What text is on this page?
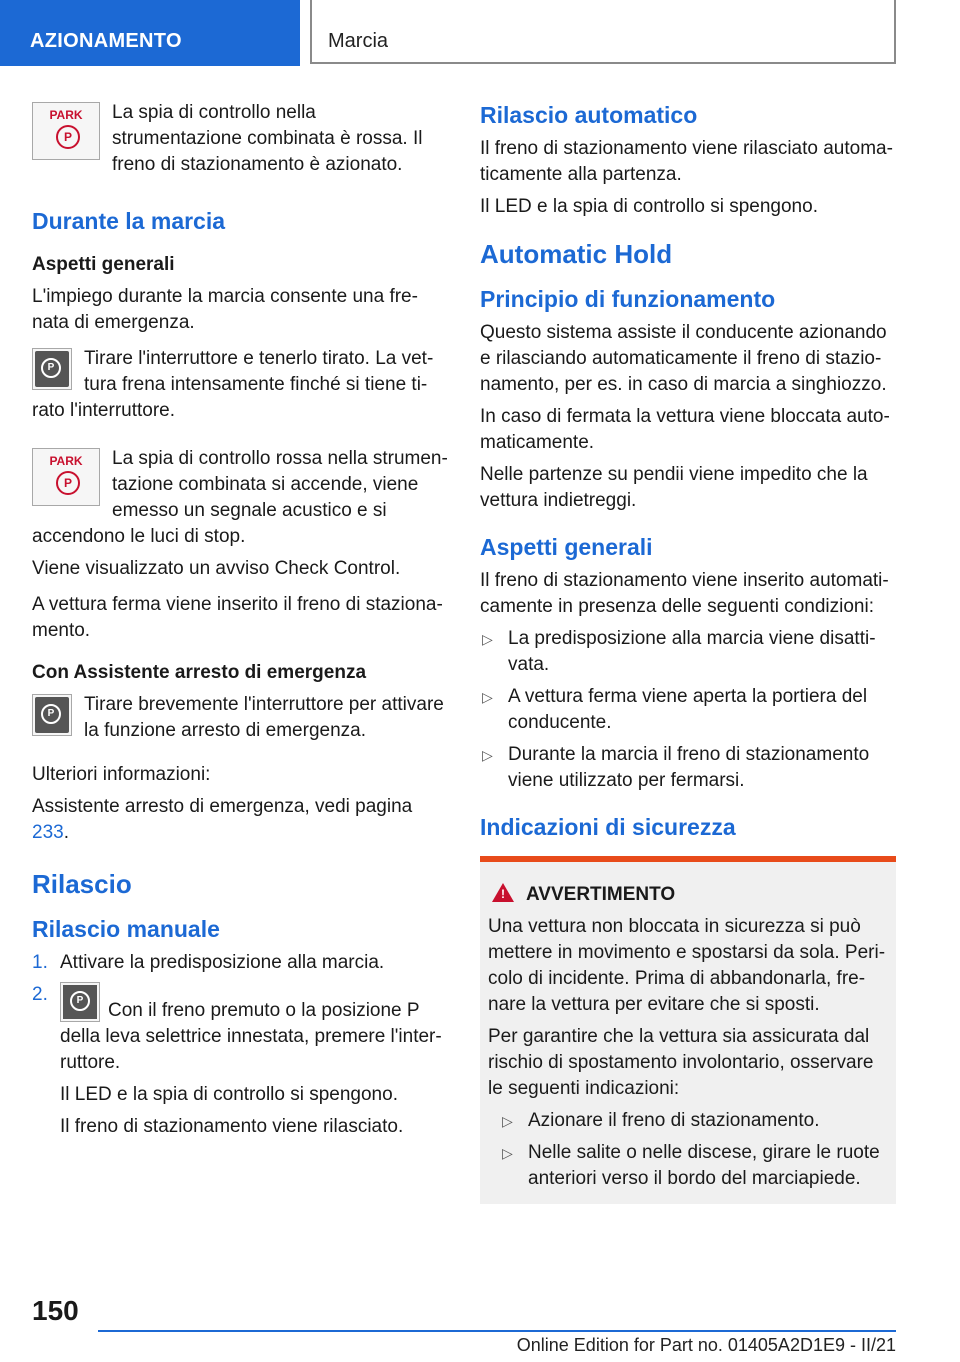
AZIONAMENTO	Marcia
PARK
P

La spia di controllo nella strumentazione combinata è rossa. Il freno di stazionamento è azionato.

Durante la marcia

Aspetti generali

L'impiego durante la marcia consente una frenata di emergenza.

P	Tirare l'interruttore e tenerlo tirato. La vettura frena intensamente finché si tiene tirato l'interruttore.

PARK
P

La spia di controllo rossa nella strumentazione combinata si accende, viene emesso un segnale acustico e si accendono le luci di stop.

Viene visualizzato un avviso Check Control.

A vettura ferma viene inserito il freno di stazionamento.

Con Assistente arresto di emergenza

P	Tirare brevemente l'interruttore per attivare la funzione arresto di emergenza.

Ulteriori informazioni:

Assistente arresto di emergenza, vedi pagina 233.

Rilascio

Rilascio manuale

1. Attivare la predisposizione alla marcia.
2.	P	Con il freno premuto o la posizione P della leva selettrice innestata, premere l'interruttore.

Il LED e la spia di controllo si spengono.

Il freno di stazionamento viene rilasciato.

Rilascio automatico

Il freno di stazionamento viene rilasciato automaticamente alla partenza.

Il LED e la spia di controllo si spengono.

Automatic Hold

Principio di funzionamento

Questo sistema assiste il conducente azionando e rilasciando automaticamente il freno di stazionamento, per es. in caso di marcia a singhiozzo.

In caso di fermata la vettura viene bloccata automaticamente.

Nelle partenze su pendii viene impedito che la vettura indietreggi.

Aspetti generali

Il freno di stazionamento viene inserito automaticamente in presenza delle seguenti condizioni:

▷ La predisposizione alla marcia viene disattivata.
▷ A vettura ferma viene aperta la portiera del conducente.
▷ Durante la marcia il freno di stazionamento viene utilizzato per fermarsi.

Indicazioni di sicurezza

! AVVERTIMENTO

Una vettura non bloccata in sicurezza si può mettere in movimento e spostarsi da sola. Pericolo di incidente. Prima di abbandonarla, frenare la vettura per evitare che si sposti.

Per garantire che la vettura sia assicurata dal rischio di spostamento involontario, osservare le seguenti indicazioni:

▷ Azionare il freno di stazionamento.
▷ Nelle salite o nelle discese, girare le ruote anteriori verso il bordo del marciapiede.
150
Online Edition for Part no. 01405A2D1E9 - II/21
